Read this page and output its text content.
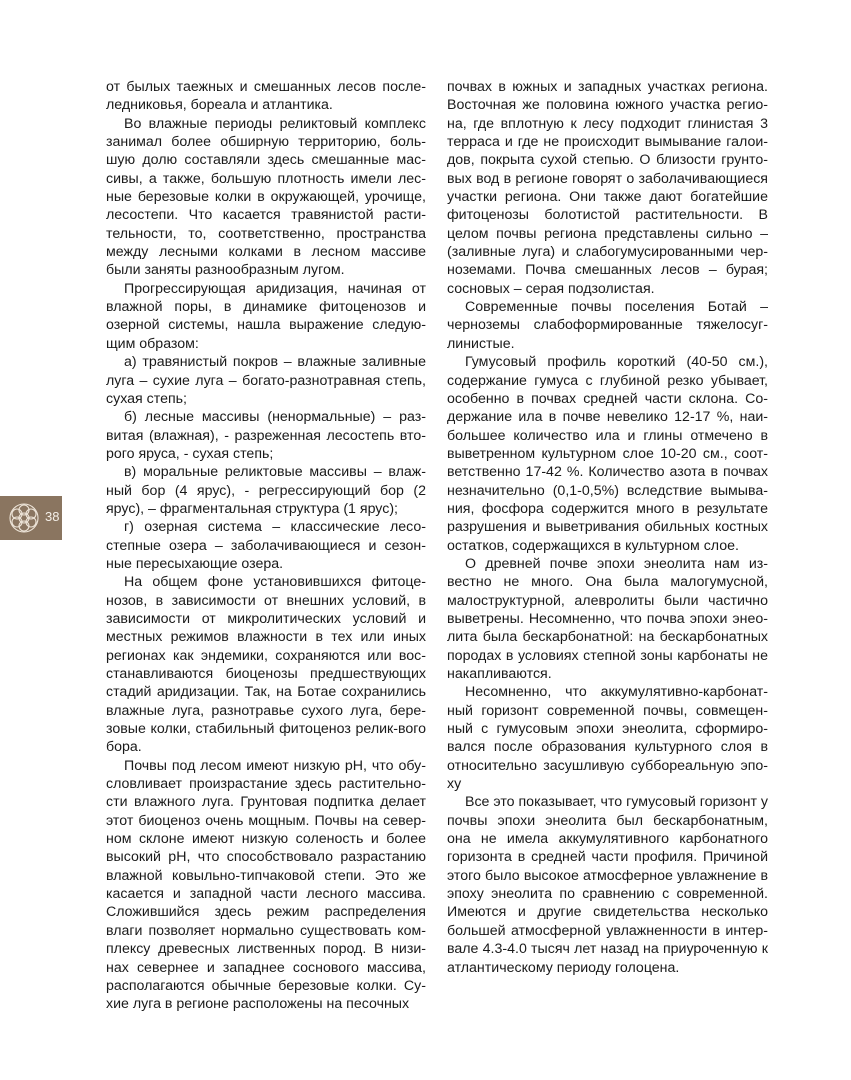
от былых таежных и смешанных лесов после-ледниковья, бореала и атлантика.

Во влажные периоды реликтовый комплекс занимал более обширную территорию, боль-шую долю составляли здесь смешанные мас-сивы, а также, большую плотность имели лес-ные березовые колки в окружающей, урочище, лесостепи. Что касается травянистой расти-тельности, то, соответственно, пространства между лесными колками в лесном массиве были заняты разнообразным лугом.

Прогрессирующая аридизация, начиная от влажной поры, в динамике фитоценозов и озерной системы, нашла выражение следую-щим образом:

а) травянистый покров – влажные заливные луга – сухие луга – богато-разнотравная степь, сухая степь;

б) лесные массивы (ненормальные) – раз-витая (влажная), - разреженная лесостепь вто-рого яруса, - сухая степь;

в) моральные реликтовые массивы – влаж-ный бор (4 ярус), - регрессирующий бор (2 ярус), – фрагментальная структура (1 ярус);

г) озерная система – классические лесо-степные озера – заболачивающиеся и сезон-ные пересыхающие озера.

На общем фоне установившихся фитоце-нозов, в зависимости от внешних условий, в зависимости от микролитических условий и местных режимов влажности в тех или иных регионах как эндемики, сохраняются или вос-станавливаются биоценозы предшествующих стадий аридизации. Так, на Ботае сохранились влажные луга, разнотравье сухого луга, бере-зовые колки, стабильный фитоценоз релик-вого бора.

Почвы под лесом имеют низкую pH, что обу-словливает произрастание здесь растительно-сти влажного луга. Грунтовая подпитка делает этот биоценоз очень мощным. Почвы на север-ном склоне имеют низкую соленость и более высокий pH, что способствовало разрастанию влажной ковыльно-типчаковой степи. Это же касается и западной части лесного массива. Сложившийся здесь режим распределения влаги позволяет нормально существовать ком-плексу древесных лиственных пород. В низи-нах севернее и западнее соснового массива, располагаются обычные березовые колки. Су-хие луга в регионе расположены на песочных

почвах в южных и западных участках региона. Восточная же половина южного участка регио-на, где вплотную к лесу подходит глинистая 3 терраса и где не происходит вымывание галои-дов, покрыта сухой степью. О близости грунто-вых вод в регионе говорят о заболачивающиеся участки региона. Они также дают богатейшие фитоценозы болотистой растительности. В целом почвы региона представлены сильно – (заливные луга) и слабогумусированными чер-ноземами. Почва смешанных лесов – бурая; сосновых – серая подзолистая.

Современные почвы поселения Ботай – черноземы слабоформированные тяжелосуг-линистые.

Гумусовый профиль короткий (40-50 см.), содержание гумуса с глубиной резко убывает, особенно в почвах средней части склона. Со-держание ила в почве невелико 12-17 %, наи-большее количество ила и глины отмечено в выветренном культурном слое 10-20 см., соот-ветственно 17-42 %. Количество азота в почвах незначительно (0,1-0,5%) вследствие вымыва-ния, фосфора содержится много в результате разрушения и выветривания обильных костных остатков, содержащихся в культурном слое.

О древней почве эпохи энеолита нам из-вестно не много. Она была малогумусной, малоструктурной, алевролиты были частично выветрены. Несомненно, что почва эпохи энео-лита была бескарбонатной: на бескарбонатных породах в условиях степной зоны карбонаты не накапливаются.

Несомненно, что аккумулятивно-карбонат-ный горизонт современной почвы, совмещен-ный с гумусовым эпохи энеолита, сформиро-вался после образования культурного слоя в относительно засушливую суббореальную эпо-ху

Все это показывает, что гумусовый горизонт у почвы эпохи энеолита был бескарбонатным, она не имела аккумулятивного карбонатного горизонта в средней части профиля. Причиной этого было высокое атмосферное увлажнение в эпоху энеолита по сравнению с современной. Имеются и другие свидетельства несколько большей атмосферной увлажненности в интер-вале 4.3-4.0 тысяч лет назад на приуроченную к атлантическому периоду голоцена.

38
